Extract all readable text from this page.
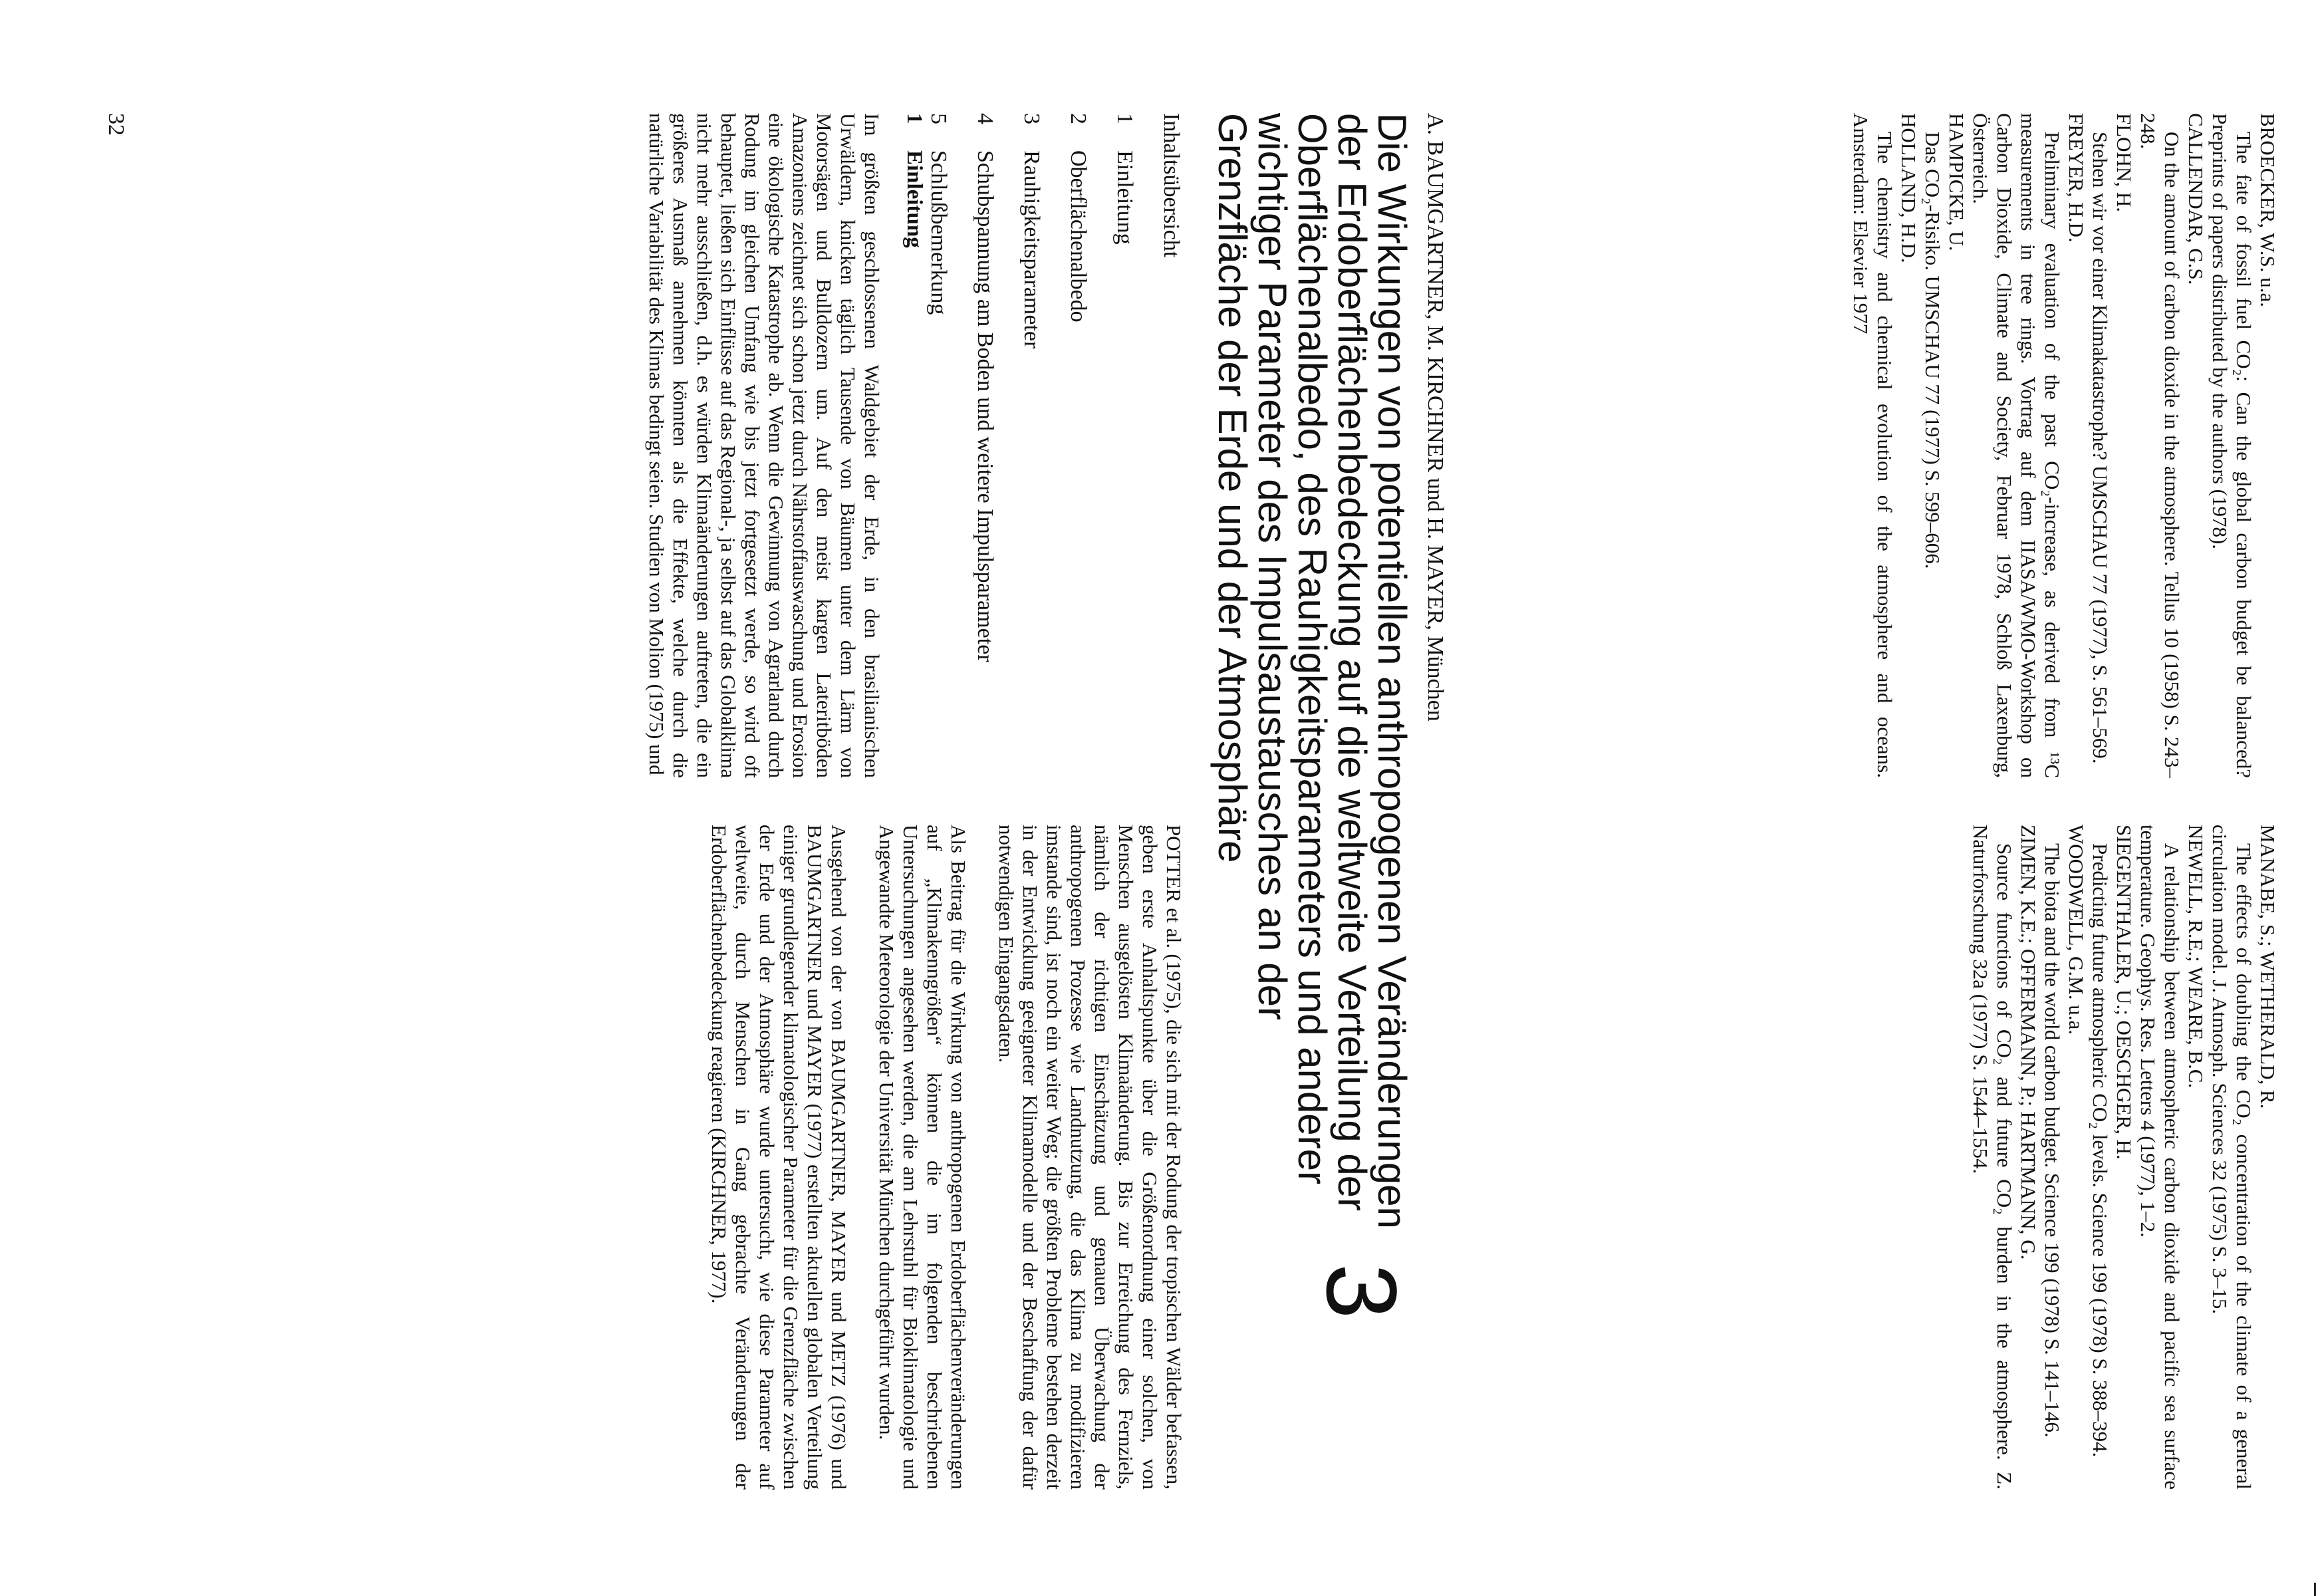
BROECKER, W.S. u.a.
The fate of fossil fuel CO₂: Can the global carbon budget be balanced? Preprints of papers distributed by the authors (1978).
CALLENDAR, G.S.
On the amount of carbon dioxide in the atmosphere. Tellus 10 (1958) S. 243–248.
FLOHN, H.
Stehen wir vor einer Klimakatastrophe? UMSCHAU 77 (1977), S. 561–569.
FREYER, H.D.
Preliminary evaluation of the past CO₂-increase, as derived from ¹³C measurements in tree rings. Vortrag auf dem IIASA/WMO-Workshop on Carbon Dioxide, Climate and Society, Februar 1978, Schloß Laxenburg, Österreich.
HAMPICKE, U.
Das CO₂-Risiko. UMSCHAU 77 (1977) S. 599–606.
HOLLAND, H.D.
The chemistry and chemical evolution of the atmosphere and oceans. Amsterdam: Elsevier 1977
MANABE, S.; WETHERALD, R.
The effects of doubling the CO₂ concentration of the climate of a general circulation model. J. Atmosph. Sciences 32 (1975) S. 3–15.
NEWELL, R.E.; WEARE, B.C.
A relationship between atmospheric carbon dioxide and pacific sea surface temperature. Geophys. Res. Letters 4 (1977), 1–2.
SIEGENTHALER, U.; OESCHGER, H.
Predicting future atmospheric CO₂ levels. Science 199 (1978) S. 388–394.
WOODWELL, G.M. u.a.
The biota and the world carbon budget. Science 199 (1978) S. 141–146.
ZIMEN, K.E.; OFFERMANN, P.; HARTMANN, G.
Source functions of CO₂ and future CO₂ burden in the atmosphere. Z. Naturforschung 32a (1977) S. 1544–1554.
A. BAUMGARTNER, M. KIRCHNER und H. MAYER, München
3
Die Wirkungen von potentiellen anthropogenen Veränderungen der Erdoberflächenbedeckung auf die weltweite Verteilung der Oberflächenalbedo, des Rauhigkeitsparameters und anderer wichtiger Parameter des Impulsaustausches an der Grenzfläche der Erde und der Atmosphäre
Inhaltsübersicht
1Einleitung
2Oberflächenalbedo
3Rauhigkeitsparameter
4Schubspannung am Boden und weitere Impulsparameter
5Schlußbemerkung
1Einleitung

Im größten geschlossenen Waldgebiet der Erde, in den brasilianischen Urwäldern, knicken täglich Tausende von Bäumen unter dem Lärm von Motorsägen und Bulldozern um. Auf den meist kargen Lateritböden Amazoniens zeichnet sich schon jetzt durch Nährstoffauswaschung und Erosion eine ökologische Katastrophe ab. Wenn die Gewinnung von Agrarland durch Rodung im gleichen Umfang wie bis jetzt fortgesetzt werde, so wird oft behauptet, ließen sich Einflüsse auf das Regional-, ja selbst auf das Globalklima nicht mehr ausschließen, d.h. es würden Klimaänderungen auftreten, die ein größeres Ausmaß annehmen könnten als die Effekte, welche durch die natürliche Variabilität des Klimas bedingt seien. Studien von Molion (1975) und

POTTER et al. (1975), die sich mit der Rodung der tropischen Wälder befassen, geben erste Anhaltspunkte über die Größenordnung einer solchen, von Menschen ausgelösten Klimaänderung. Bis zur Erreichung des Fernziels, nämlich der richtigen Einschätzung und genauen Überwachung der anthropogenen Prozesse wie Landnutzung, die das Klima zu modifizieren imstande sind, ist noch ein weiter Weg; die größten Probleme bestehen derzeit in der Entwicklung geeigneter Klimamodelle und der Beschaffung der dafür notwendigen Eingangsdaten.

Als Beitrag für die Wirkung von anthropogenen Erdoberflächenveränderungen auf „Klimakenngrößen“ können die im folgenden beschriebenen Untersuchungen angesehen werden, die am Lehrstuhl für Bioklimatologie und Angewandte Meteorologie der Universität München durchgeführt wurden.

Ausgehend von der von BAUMGARTNER, MAYER und METZ (1976) und BAUMGARTNER und MAYER (1977) erstellten aktuellen globalen Verteilung einiger grundlegender klimatologischer Parameter für die Grenzfläche zwischen der Erde und der Atmosphäre wurde untersucht, wie diese Parameter auf weltweite, durch Menschen in Gang gebrachte Veränderungen der Erdoberflächenbedeckung reagieren (KIRCHNER, 1977).

32
